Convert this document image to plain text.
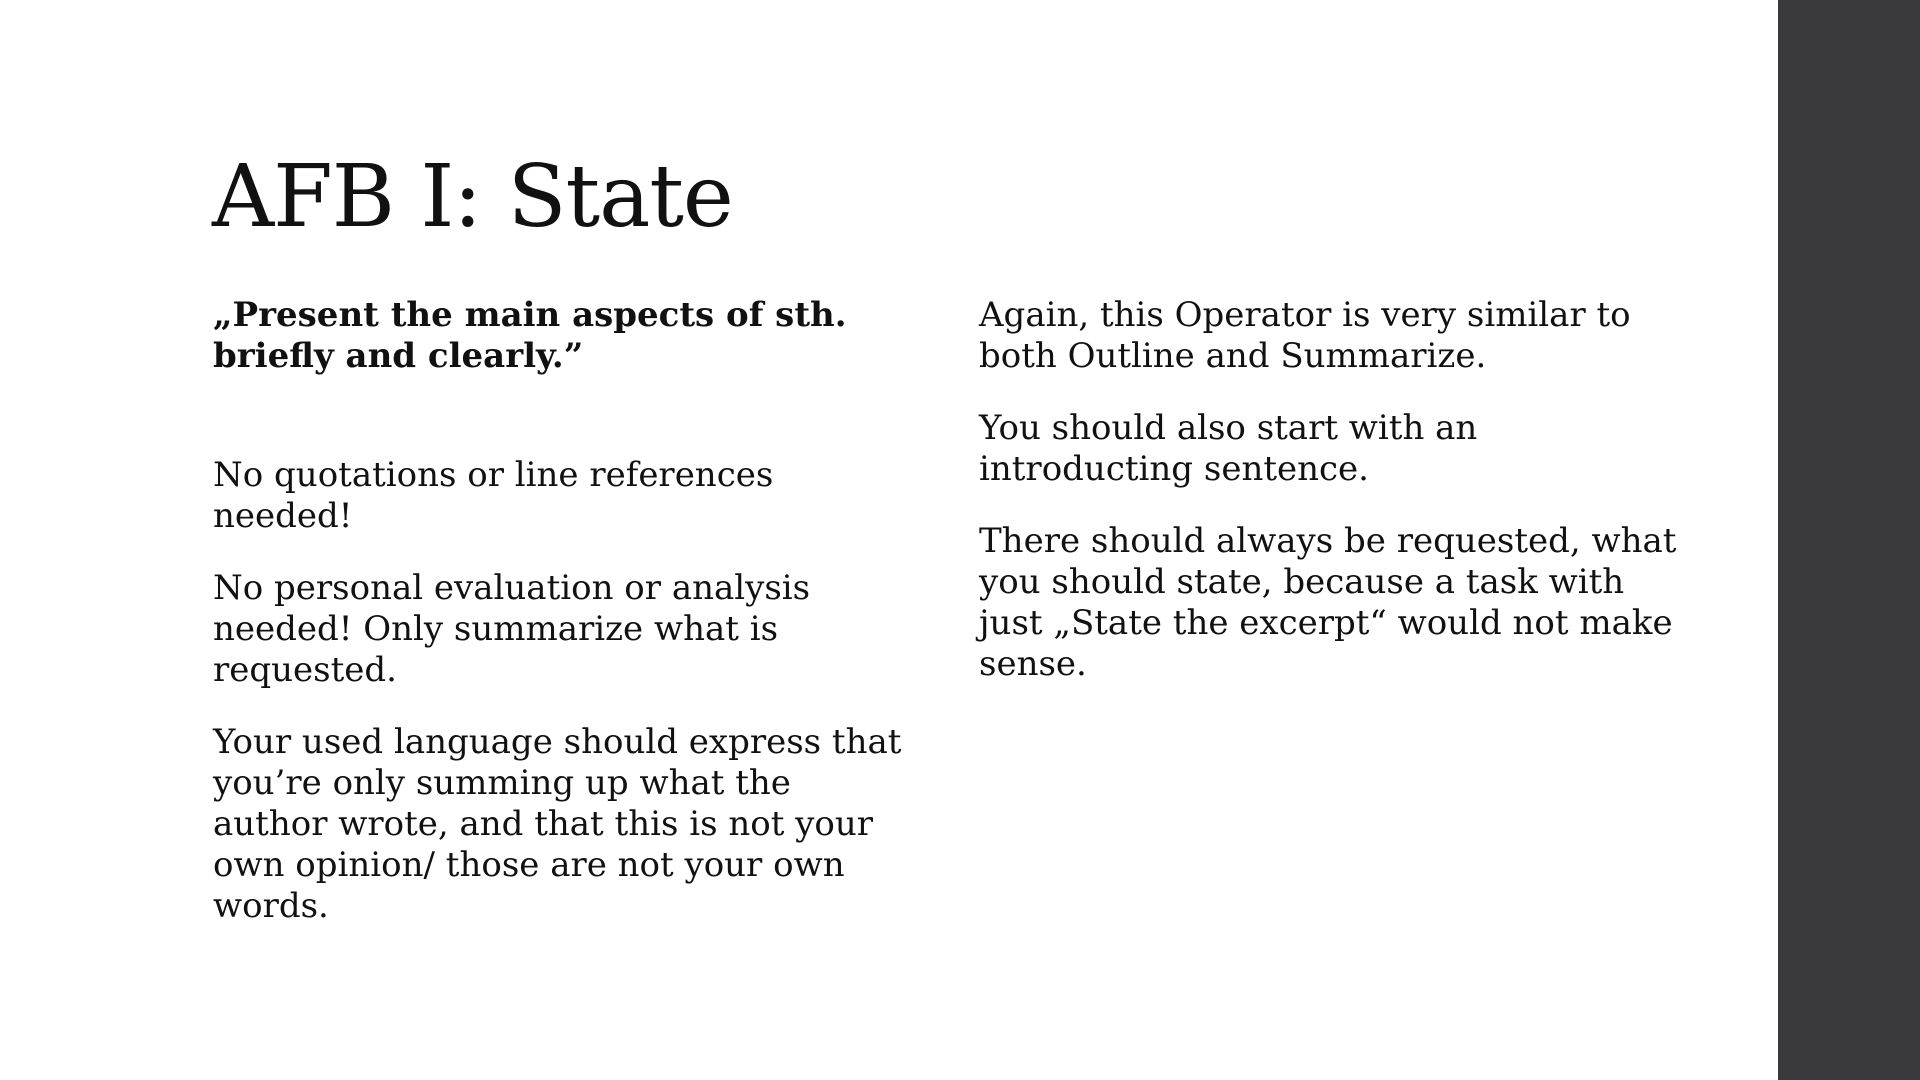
AFB I: State

„Present the main aspects of sth. briefly and clearly.”

No quotations or line references needed!

No personal evaluation or analysis needed! Only summarize what is requested.

Your used language should express that you’re only summing up what the author wrote, and that this is not your own opinion/ those are not your own words.

Again, this Operator is very similar to both Outline and Summarize.

You should also start with an introducting sentence.

There should always be requested, what you should state, because a task with just „State the excerpt“ would not make sense.
